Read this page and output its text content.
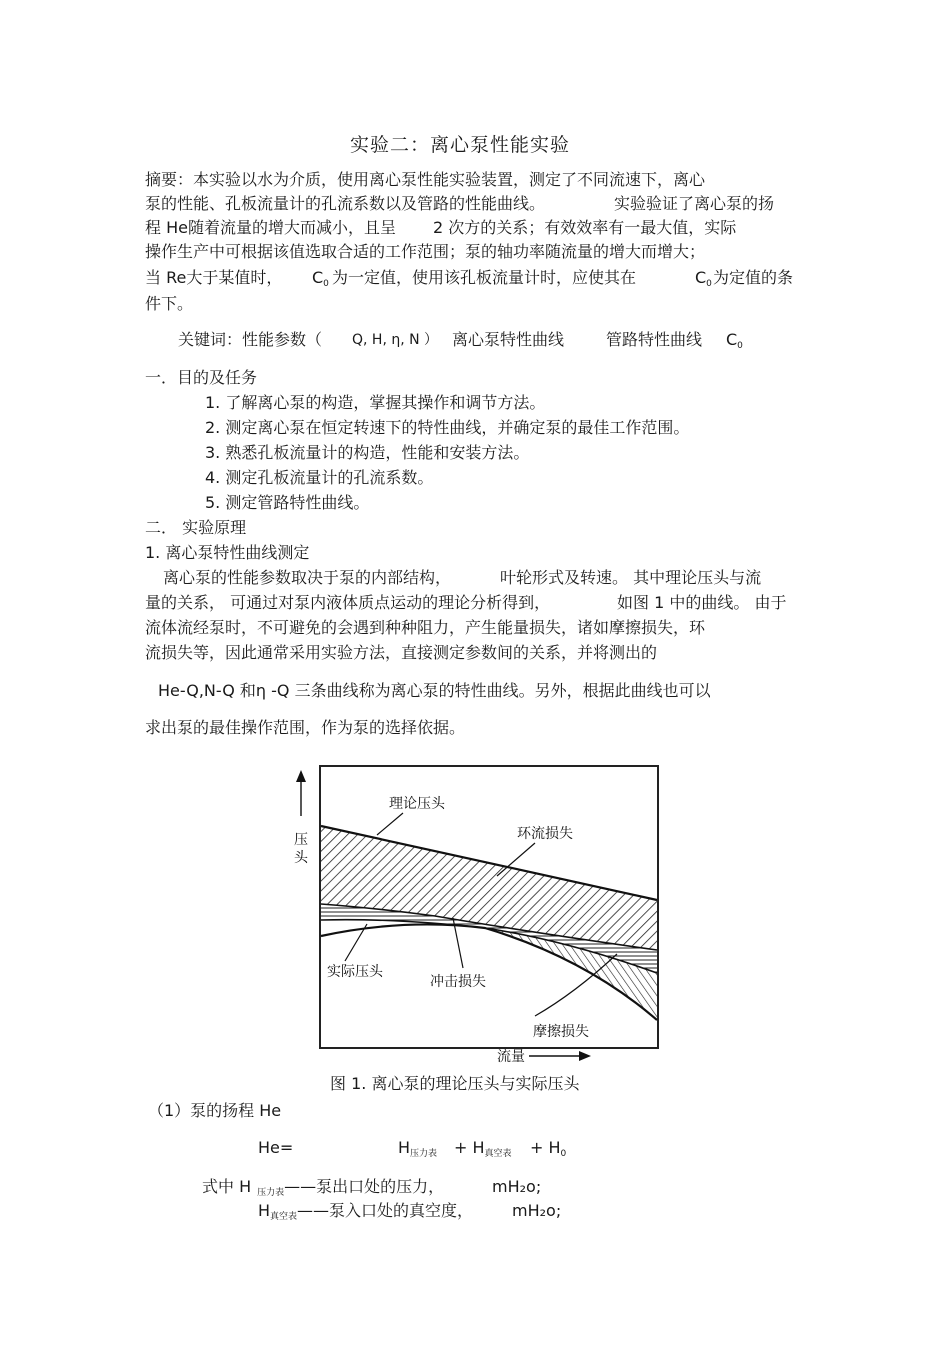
实验二：离心泵性能实验
摘要：本实验以水为介质，使用离心泵性能实验装置，测定了不同流速下，离心
泵的性能、孔板流量计的孔流系数以及管路的性能曲线。	实验验证了离心泵的扬
程 He随着流量的增大而减小，且呈 2 次方的关系；有效效率有一最大值，实际
操作生产中可根据该值选取合适的工作范围；泵的轴功率随流量的增大而增大；
当 Re大于某值时， C0 为一定值，使用该孔板流量计时，应使其在	C0 为定值的条
件下。
关键词：性能参数（ Q, H, η, N ） 离心泵特性曲线	管路特性曲线 C0
一．目的及任务
1. 了解离心泵的构造，掌握其操作和调节方法。
2. 测定离心泵在恒定转速下的特性曲线，并确定泵的最佳工作范围。
3. 熟悉孔板流量计的构造，性能和安装方法。
4. 测定孔板流量计的孔流系数。
5. 测定管路特性曲线。
二． 实验原理
1. 离心泵特性曲线测定
离心泵的性能参数取决于泵的内部结构，	叶轮形式及转速。 其中理论压头与流
量的关系， 可通过对泵内液体质点运动的理论分析得到，	如图 1 中的曲线。 由于
流体流经泵时，不可避免的会遇到种种阻力，产生能量损失，诸如摩擦损失，环
流损失等，因此通常采用实验方法，直接测定参数间的关系，并将测出的
He-Q,N-Q 和η -Q 三条曲线称为离心泵的特性曲线。另外，根据此曲线也可以
求出泵的最佳操作范围，作为泵的选择依据。
理论压头
环流损失
实际压头
冲击损失
摩擦损失
压
头
流量
图 1. 离心泵的理论压头与实际压头
（1）泵的扬程 He
He=	H压力表 + H真空表 + H0
式中 H 压力表——泵出口处的压力，	mH₂o;
H真空表——泵入口处的真空度， mH₂o;
